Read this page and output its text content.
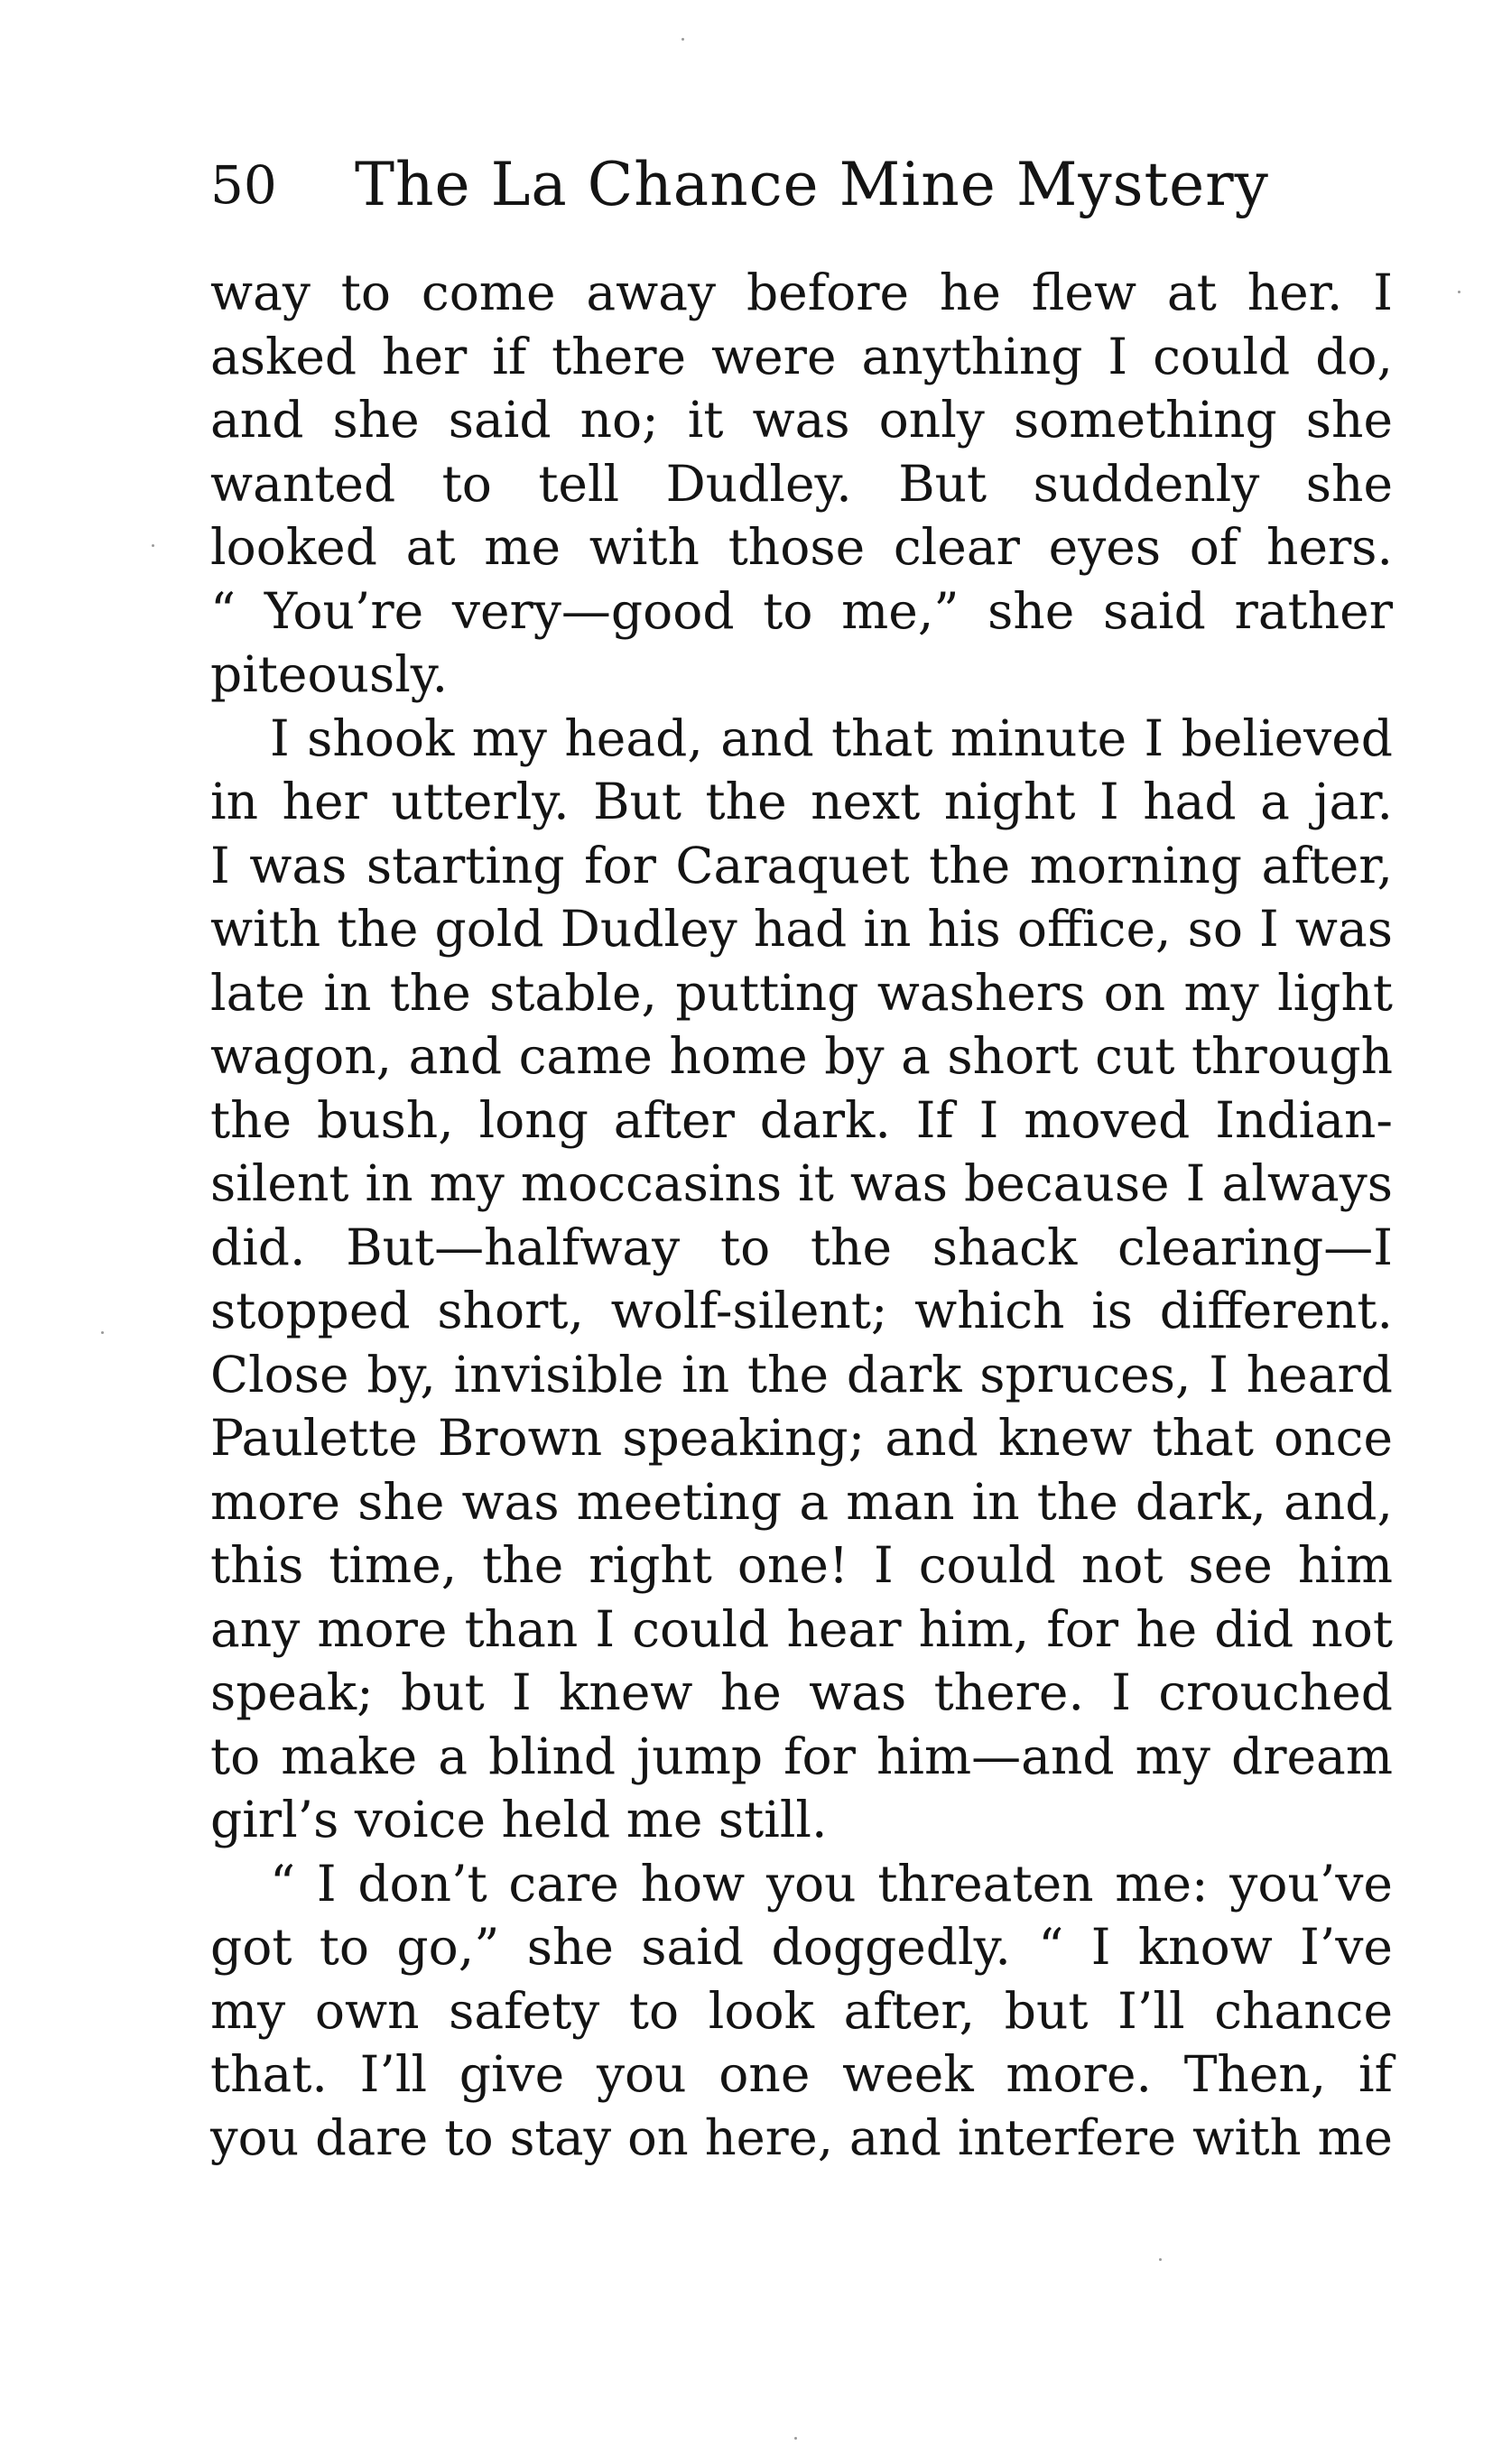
50 The La Chance Mine Mystery
way to come away before he flew at her. I
asked her if there were anything I could do,
and she said no; it was only something she
wanted to tell Dudley. But suddenly she
looked at me with those clear eyes of hers.
“ You’re very—good to me,” she said rather
piteously.
I shook my head, and that minute I believed
in her utterly. But the next night I had a jar.
I was starting for Caraquet the morning after,
with the gold Dudley had in his office, so I was
late in the stable, putting washers on my light
wagon, and came home by a short cut through
the bush, long after dark. If I moved Indian-
silent in my moccasins it was because I always
did. But—halfway to the shack clearing—I
stopped short, wolf-silent; which is different.
Close by, invisible in the dark spruces, I heard
Paulette Brown speaking; and knew that once
more she was meeting a man in the dark, and,
this time, the right one! I could not see him
any more than I could hear him, for he did not
speak; but I knew he was there. I crouched
to make a blind jump for him—and my dream
girl’s voice held me still.
“ I don’t care how you threaten me: you’ve
got to go,” she said doggedly. “ I know I’ve
my own safety to look after, but I’ll chance
that. I’ll give you one week more. Then, if
you dare to stay on here, and interfere with me
